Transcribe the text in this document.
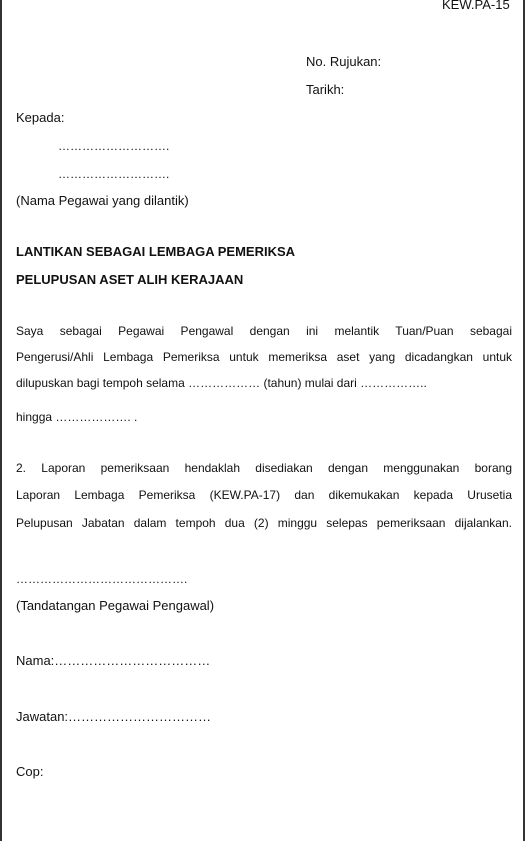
KEW.PA-15
No. Rujukan:
Tarikh:
Kepada:
……………………….
……………………….
(Nama Pegawai yang dilantik)
LANTIKAN SEBAGAI LEMBAGA PEMERIKSA
PELUPUSAN ASET ALIH KERAJAAN
Saya sebagai Pegawai Pengawal dengan ini melantik Tuan/Puan sebagai
Pengerusi/Ahli Lembaga Pemeriksa untuk memeriksa aset yang dicadangkan untuk
dilupuskan bagi tempoh selama ……………… (tahun) mulai dari ……………..
hingga ………………. .
2. Laporan pemeriksaan hendaklah disediakan dengan menggunakan borang
Laporan Lembaga Pemeriksa (KEW.PA-17) dan dikemukakan kepada Urusetia
Pelupusan Jabatan dalam tempoh dua (2) minggu selepas pemeriksaan dijalankan.
…………………………………….
(Tandatangan Pegawai Pengawal)
Nama:………………………………
Jawatan:……………………………
Cop:
